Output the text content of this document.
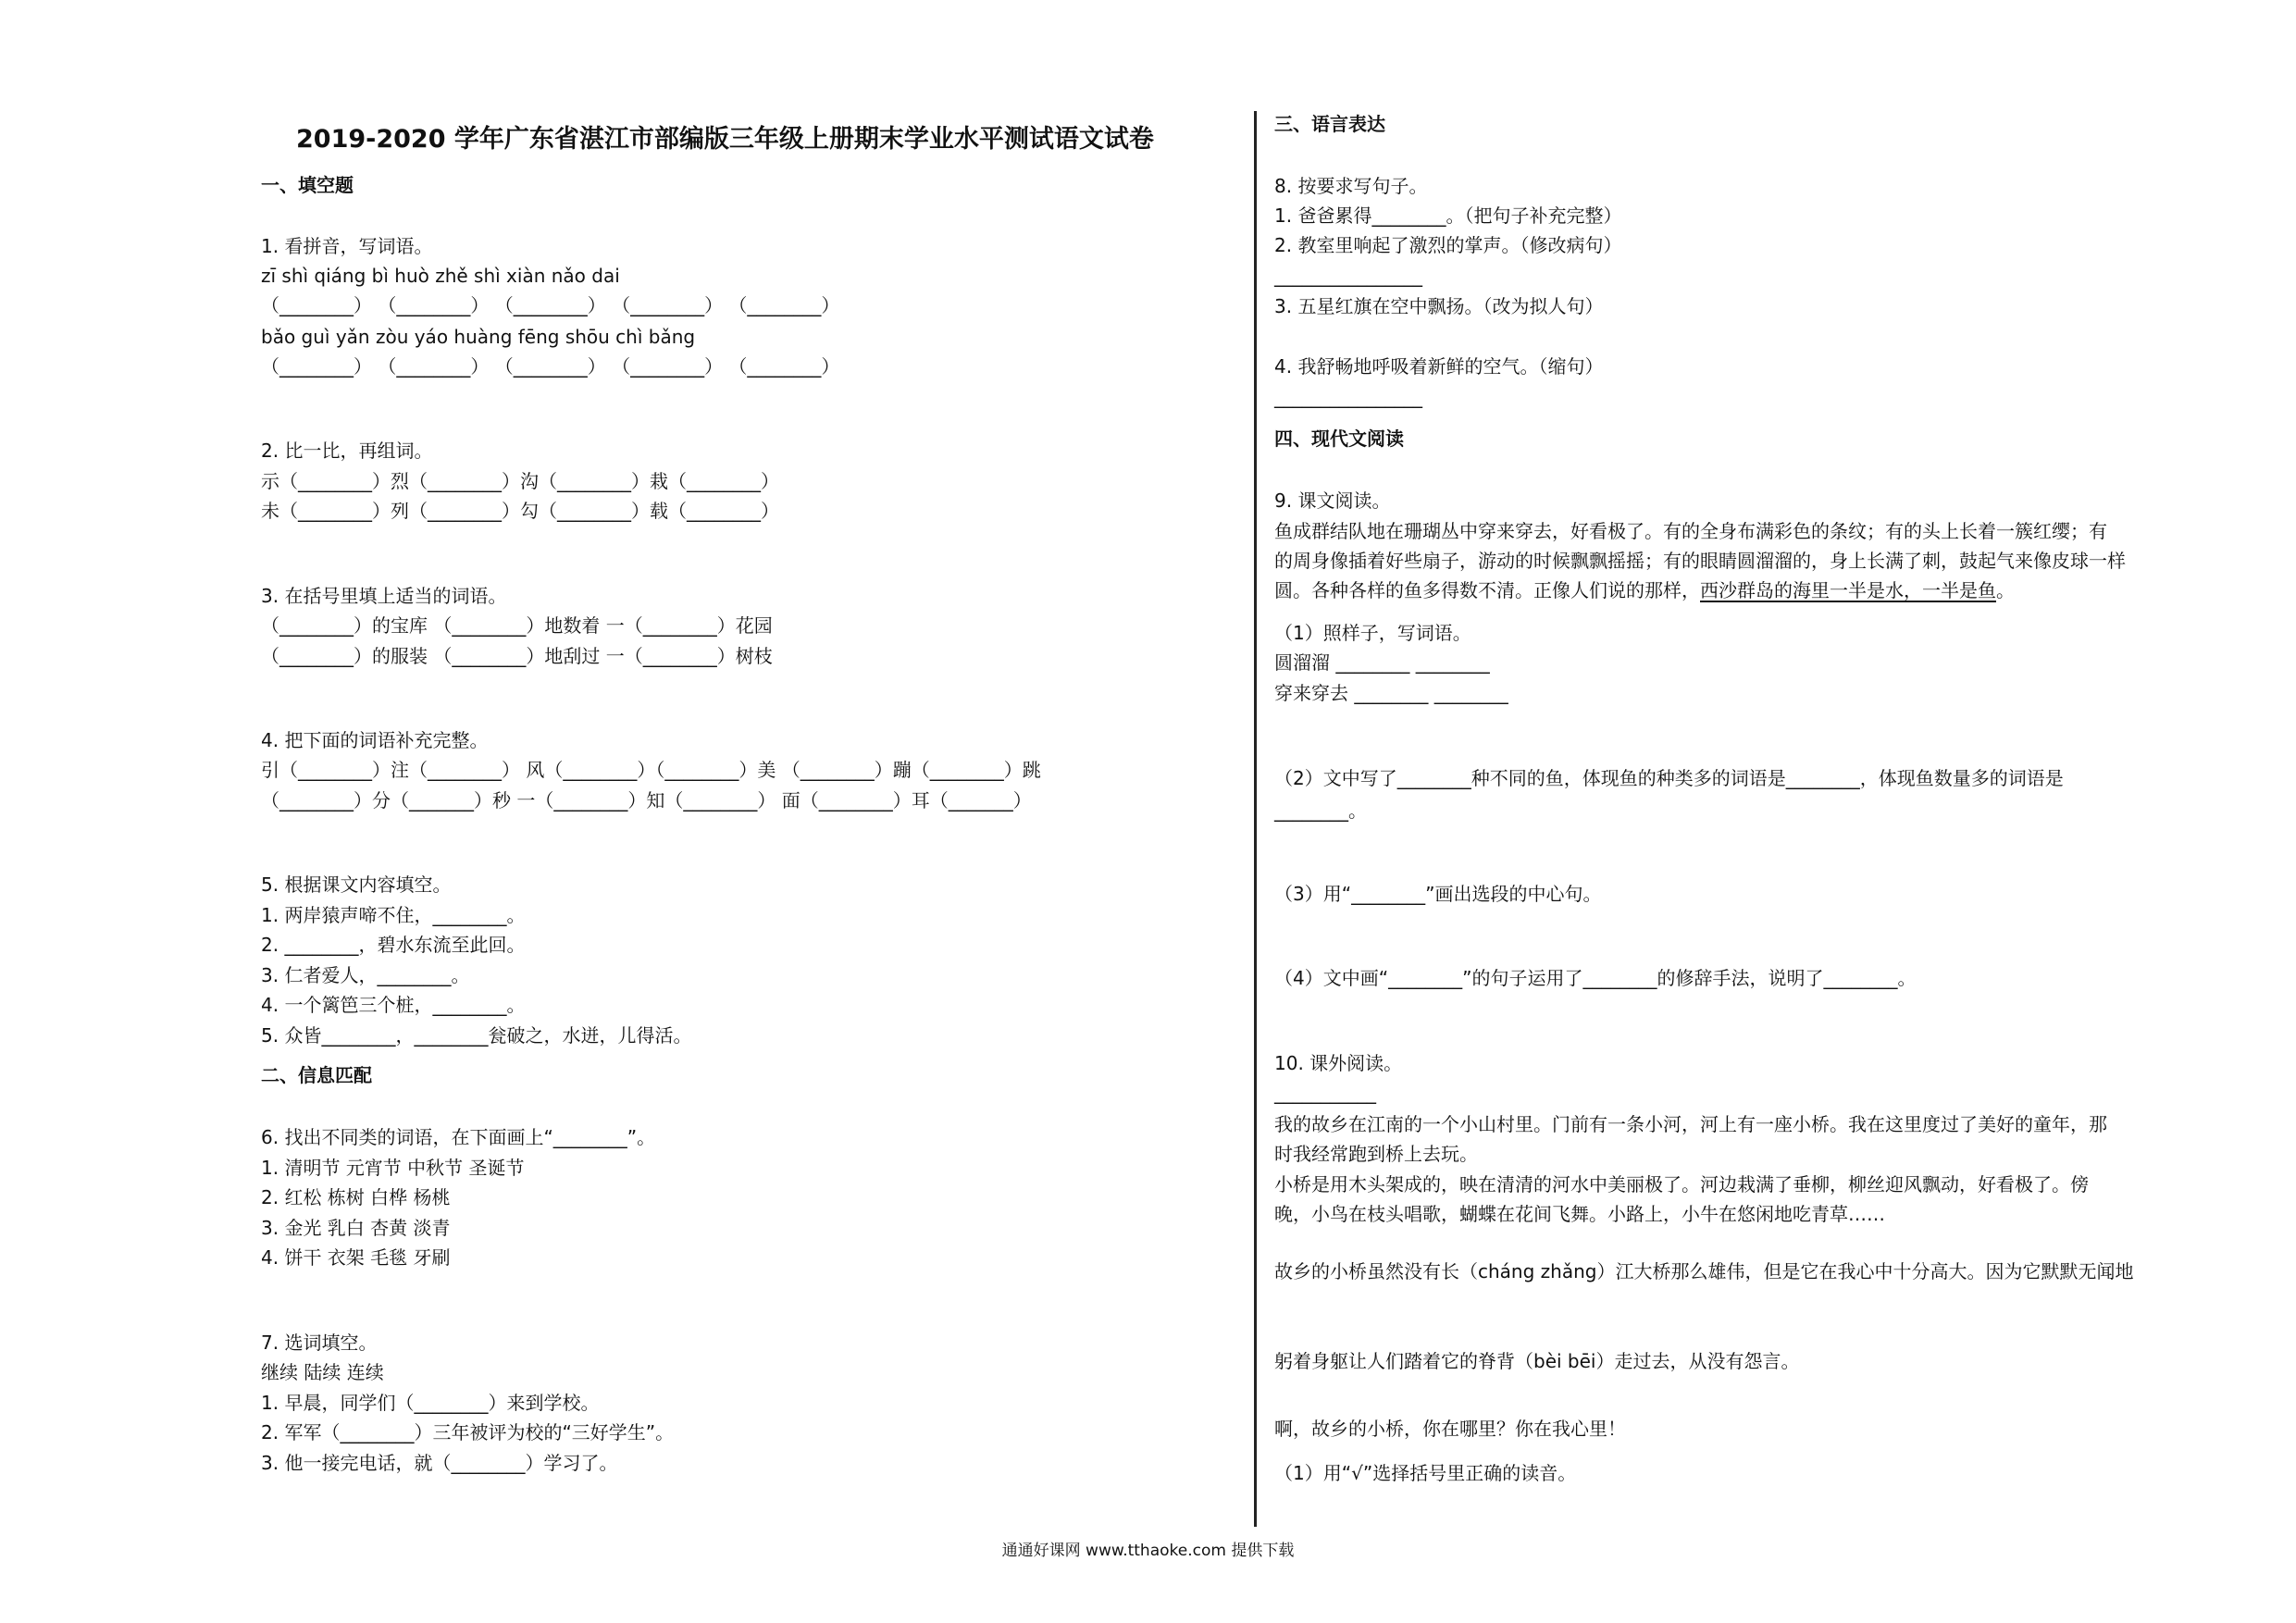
2019-2020 学年广东省湛江市部编版三年级上册期末学业水平测试语文试卷
一、填空题
1. 看拼音，写词语。
zī shì qiáng bì huò zhě shì xiàn nǎo dai
（________） （________） （________） （________） （________）
bǎo guì yǎn zòu yáo huàng fēng shōu chì bǎng
（________） （________） （________） （________） （________）
2. 比一比，再组词。
示（________）烈（________）沟（________）栽（________）
未（________）列（________）勾（________）载（________）
3. 在括号里填上适当的词语。
（________）的宝库 （________）地数着 一（________）花园
（________）的服装 （________）地刮过 一（________）树枝
4. 把下面的词语补充完整。
引（________）注（________） 风（________）（________）美 （________）蹦（________）跳
（________）分（_______）秒 一（________）知（________） 面（________）耳（_______）
5. 根据课文内容填空。
1. 两岸猿声啼不住，________。
2. ________，碧水东流至此回。
3. 仁者爱人，________。
4. 一个篱笆三个桩，________。
5. 众皆________，________瓮破之，水迸，儿得活。
二、信息匹配
6. 找出不同类的词语，在下面画上“________”。
1. 清明节 元宵节 中秋节 圣诞节
2. 红松 栋树 白桦 杨桃
3. 金光 乳白 杏黄 淡青
4. 饼干 衣架 毛毯 牙刷
7. 选词填空。
继续 陆续 连续
1. 早晨，同学们（________）来到学校。
2. 军军（________）三年被评为校的“三好学生”。
3. 他一接完电话，就（________）学习了。
三、语言表达
8. 按要求写句子。
1. 爸爸累得________。（把句子补充完整）
2. 教室里响起了激烈的掌声。（修改病句）
________________
3. 五星红旗在空中飘扬。（改为拟人句）
4. 我舒畅地呼吸着新鲜的空气。（缩句）
________________
四、现代文阅读
9. 课文阅读。
鱼成群结队地在珊瑚丛中穿来穿去，好看极了。有的全身布满彩色的条纹；有的头上长着一簇红缨；有
的周身像插着好些扇子，游动的时候飘飘摇摇；有的眼睛圆溜溜的，身上长满了刺，鼓起气来像皮球一样
圆。各种各样的鱼多得数不清。正像人们说的那样，西沙群岛的海里一半是水，一半是鱼。
（1）照样子，写词语。
圆溜溜 ________ ________
穿来穿去 ________ ________
（2）文中写了________种不同的鱼，体现鱼的种类多的词语是________，体现鱼数量多的词语是
________。
（3）用“________”画出选段的中心句。
（4）文中画“________”的句子运用了________的修辞手法，说明了________。
10. 课外阅读。
___________
我的故乡在江南的一个小山村里。门前有一条小河，河上有一座小桥。我在这里度过了美好的童年，那
时我经常跑到桥上去玩。
小桥是用木头架成的，映在清清的河水中美丽极了。河边栽满了垂柳，柳丝迎风飘动，好看极了。傍
晚，小鸟在枝头唱歌，蝴蝶在花间飞舞。小路上，小牛在悠闲地吃青草……
故乡的小桥虽然没有长（cháng zhǎng）江大桥那么雄伟，但是它在我心中十分高大。因为它默默无闻地
躬着身躯让人们踏着它的脊背（bèi bēi）走过去，从没有怨言。
啊，故乡的小桥，你在哪里？你在我心里！
（1）用“√”选择括号里正确的读音。
通通好课网 www.tthaoke.com 提供下载
